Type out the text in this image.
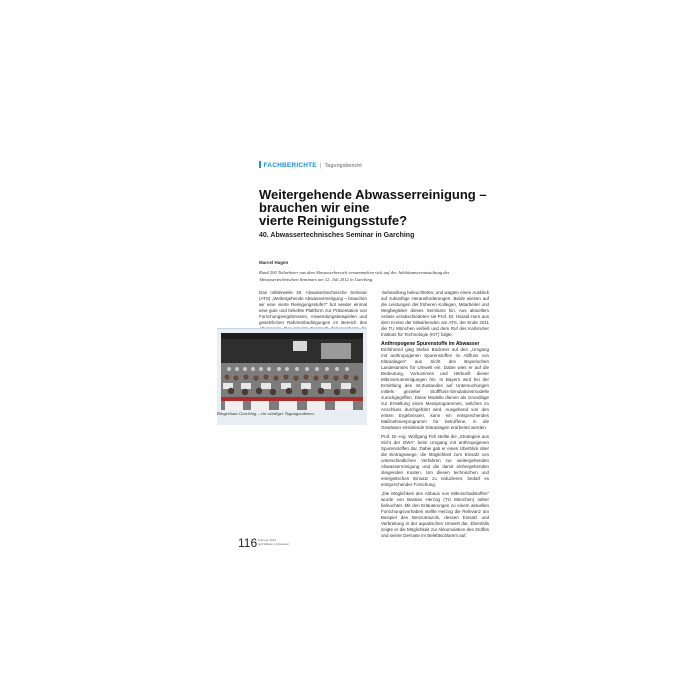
FACHBERICHTE | Tagungsbericht
Weitergehende Abwasserreinigung –
brauchen wir eine
vierte Reinigungsstufe?
40. Abwassertechnisches Seminar in Garching
Marcel Hagen
Rund 200 Teilnehmer aus dem Abwasserbereich versammelten sich auf der Jubiläumsveranstaltung des Abwassertechnischen Seminars am 12. Juli 2012 in Garching.

Das mittlerweile 40. Abwassertechnische Seminar (ATS) „Weitergehende Abwasserreinigung – brauchen wir eine vierte Reinigungsstufe?“ bot wieder einmal eine gute und beliebte Plattform zur Präsentation von Forschungsergebnissen, Anwendungsbeispielen und gesetzlichen Rahmenbedingungen im Bereich des

-behandlung beleuchteten, und wagten einen Ausblick auf zukünftige Herausforderungen. Beide wiesen auf die Leistungen der früheren Kollegen, Mitarbeiter und Wegbegleiter dieses Seminars hin. Aus aktuellem Anlass verabschiedeten sie Prof. Dr. Harald Horn aus dem Kreise der Mitwirkenden am ATS, der Ende 2011 die TU München verließ und dem Ruf des Karlsruher Instituts für Technologie (KIT) folgte.

Anthropogene Spurenstoffe im Abwasser

Einführend ging Stefan Böckmer auf den „Umgang mit anthropogenen Spurenstoffen im Abfluss von Kläranlagen“ aus Sicht des Bayerischen Landesamtes für Umwelt ein. Dabei wies er auf die Bedeutung, Vorkommen und Herkunft dieser Mikroverunreinigungen hin. In Bayern wird bei der Ermittlung des Ist-Zustandes auf Untersuchungen mittels gezielter Stofffluss-Simulationsmodelle zurückgegriffen. Diese Modelle dienen als Grundlage zur Erstellung eines Messprogrammes, welches im Anschluss durchgeführt wird. Ausgehend von den ersten Ergebnissen, kann ein entsprechendes Maßnahmenprogramm für betroffene, in die Gewässer einleitende Kläranlagen erarbeitet werden.

Prof. Dr.-Ing. Wolfgang Firk stellte die „Strategien aus Sicht der DWA“ beim Umgang mit anthropogenen Spurenstoffen dar. Dabei gab er einen Überblick über die Eintragswege, die Möglichkeit zum Einsatz von unterschiedlichen Verfahren zur weitergehenden Abwasserreinigung und die damit einhergehenden steigenden Kosten. Um diesen technischen und energetischen Einsatz zu reduzieren, bedarf es entsprechender Forschung.

„Die Möglichkeit des Abbaus von Mikroschadstoffen“ wurde von Bastian Herzog (TU München) näher beleuchtet. Mit den Erläuterungen zu einem aktuellen Forschungsvorhaben stellte Herzog die Relevanz am Beispiel des Benzotriazols, dessen Einsatz und Verbreitung in der aquatischen Umwelt dar. Ebenfalls zeigte er die Möglichkeit zur Akkumulation des Stoffes und seiner Derivate im Belebtschlamm auf.

Bürgerhaus Garching – ein würdiger Tagungsrahmen.
116 Februar 2013
gwf-Wasser | Abwasser
